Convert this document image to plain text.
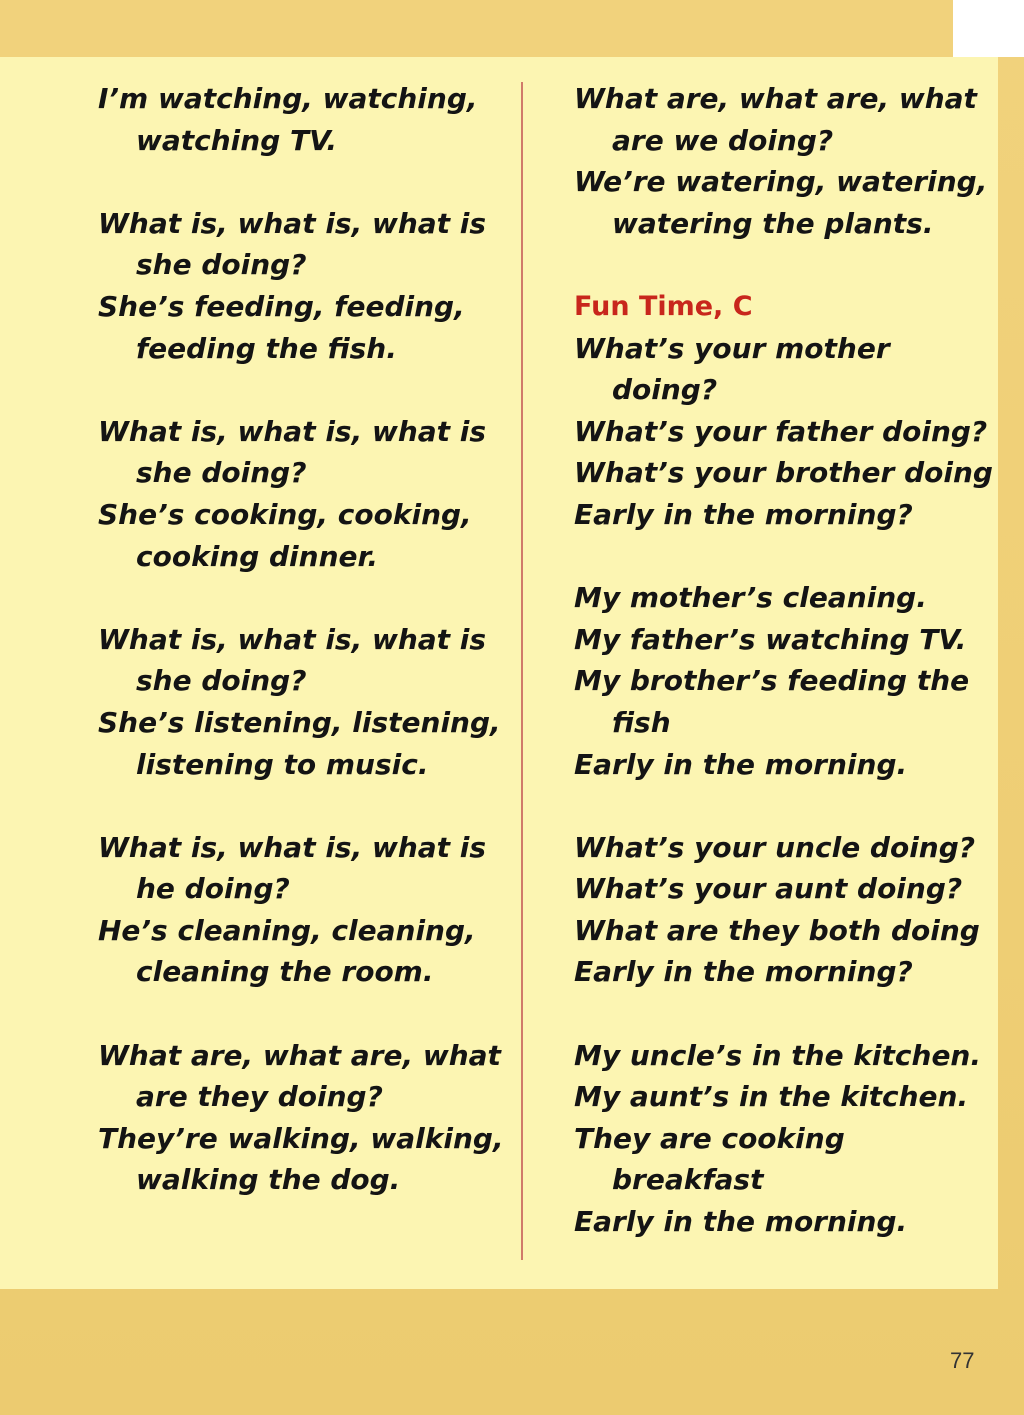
I’m watching, watching,
watching TV.
What is, what is, what is
she doing?
She’s feeding, feeding,
feeding the fish.
What is, what is, what is
she doing?
She’s cooking, cooking,
cooking dinner.
What is, what is, what is
she doing?
She’s listening, listening,
listening to music.
What is, what is, what is
he doing?
He’s cleaning, cleaning,
cleaning the room.
What are, what are, what
are they doing?
They’re walking, walking,
walking the dog.
What are, what are, what
are we doing?
We’re watering, watering,
watering the plants.
Fun Time, C
What’s your mother
doing?
What’s your father doing?
What’s your brother doing
Early in the morning?
My mother’s cleaning.
My father’s watching TV.
My brother’s feeding the
fish
Early in the morning.
What’s your uncle doing?
What’s your aunt doing?
What are they both doing
Early in the morning?
My uncle’s in the kitchen.
My aunt’s in the kitchen.
They are cooking
breakfast
Early in the morning.
77
